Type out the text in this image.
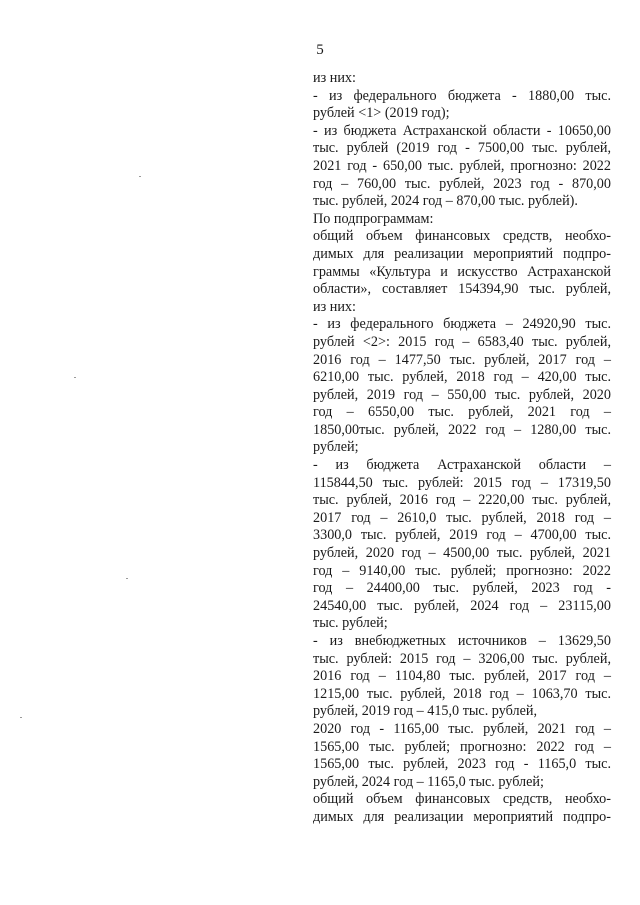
5
из них:
- из федерального бюджета - 1880,00 тыс.
рублей <1> (2019 год);
- из бюджета Астраханской области - 10650,00
тыс. рублей (2019 год - 7500,00 тыс. рублей,
2021 год - 650,00 тыс. рублей, прогнозно: 2022
год – 760,00 тыс. рублей, 2023 год - 870,00
тыс. рублей, 2024 год – 870,00 тыс. рублей).
По подпрограммам:
общий объем финансовых средств, необхо-
димых для реализации мероприятий подпро-
граммы «Культура и искусство Астраханской
области», составляет 154394,90 тыс. рублей,
из них:
- из федерального бюджета – 24920,90 тыс.
рублей <2>: 2015 год – 6583,40 тыс. рублей,
2016 год – 1477,50 тыс. рублей, 2017 год –
6210,00 тыс. рублей, 2018 год – 420,00 тыс.
рублей, 2019 год – 550,00 тыс. рублей, 2020
год – 6550,00 тыс. рублей, 2021 год –
1850,00тыс. рублей, 2022 год – 1280,00 тыс.
рублей;
- из бюджета Астраханской области –
115844,50 тыс. рублей: 2015 год – 17319,50
тыс. рублей, 2016 год – 2220,00 тыс. рублей,
2017 год – 2610,0 тыс. рублей, 2018 год –
3300,0 тыс. рублей, 2019 год – 4700,00 тыс.
рублей, 2020 год – 4500,00 тыс. рублей, 2021
год – 9140,00 тыс. рублей; прогнозно: 2022
год – 24400,00 тыс. рублей, 2023 год -
24540,00 тыс. рублей, 2024 год – 23115,00
тыс. рублей;
- из внебюджетных источников – 13629,50
тыс. рублей: 2015 год – 3206,00 тыс. рублей,
2016 год – 1104,80 тыс. рублей, 2017 год –
1215,00 тыс. рублей, 2018 год – 1063,70 тыс.
рублей, 2019 год – 415,0 тыс. рублей,
2020 год - 1165,00 тыс. рублей, 2021 год –
1565,00 тыс. рублей; прогнозно: 2022 год –
1565,00 тыс. рублей, 2023 год - 1165,0 тыс.
рублей, 2024 год – 1165,0 тыс. рублей;
общий объем финансовых средств, необхо-
димых для реализации мероприятий подпро-
